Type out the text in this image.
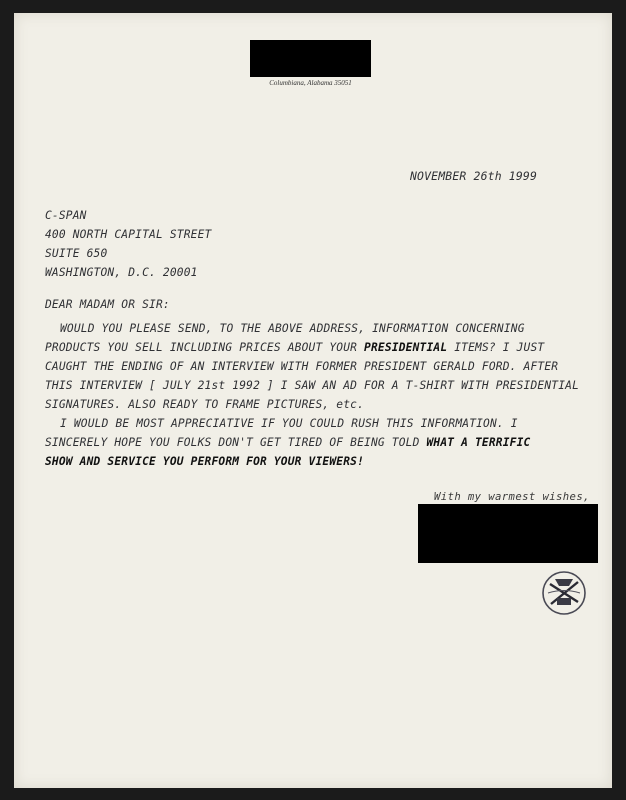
Columbiana, Alabama 35051
NOVEMBER 26th 1999
C-SPAN
400 NORTH CAPITAL STREET
SUITE 650
WASHINGTON, D.C. 20001
DEAR MADAM OR SIR:
WOULD YOU PLEASE SEND, TO THE ABOVE ADDRESS, INFORMATION CONCERNING
PRODUCTS YOU SELL INCLUDING PRICES ABOUT YOUR PRESIDENTIAL ITEMS? I JUST
CAUGHT THE ENDING OF AN INTERVIEW WITH FORMER PRESIDENT GERALD FORD. AFTER
THIS INTERVIEW [ JULY 21st 1992 ] I SAW AN AD FOR A T-SHIRT WITH PRESIDENTIAL
SIGNATURES. ALSO READY TO FRAME PICTURES, etc.
I WOULD BE MOST APPRECIATIVE IF YOU COULD RUSH THIS INFORMATION. I
SINCERELY HOPE YOU FOLKS DON'T GET TIRED OF BEING TOLD WHAT A TERRIFIC
SHOW AND SERVICE YOU PERFORM FOR YOUR VIEWERS!
With my warmest wishes,
